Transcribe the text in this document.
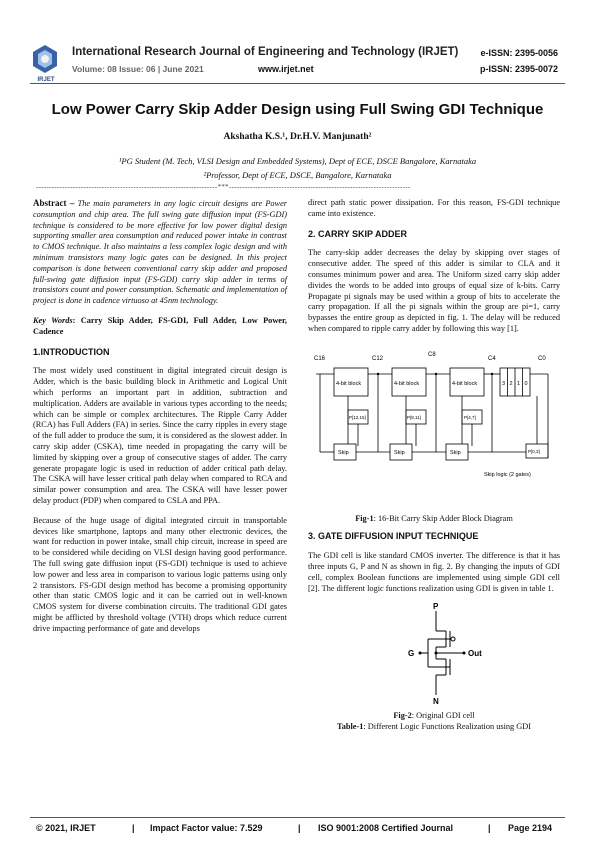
IRJET
International Research Journal of Engineering and Technology (IRJET)
Volume: 08 Issue: 06 | June 2021	www.irjet.net
e-ISSN: 2395-0056
p-ISSN: 2395-0072
Low Power Carry Skip Adder Design using Full Swing GDI Technique
Akshatha K.S.¹, Dr.H.V. Manjunath²
¹PG Student (M. Tech, VLSI Design and Embedded Systems), Dept of ECE, DSCE Bangalore, Karnataka
²Professor, Dept of ECE, DSCE, Bangalore, Karnataka
---------------------------------------------------------------------***---------------------------------------------------------------------

Abstract – The main parameters in any logic circuit designs are Power consumption and chip area. The full swing gate diffusion input (FS-GDI) technique is considered to be more effective for low power digital design supporting smaller area consumption and reduced power intake in contrast to CMOS technique. It also maintains a less complex logic design and with minimum transistors many logic gates can be designed. In this project comparison is done between conventional carry skip adder and proposed full-swing gate diffusion input (FS-GDI) carry skip adder in terms of transistors count and power consumption. Schematic and implementation of project is done in cadence virtuoso at 45nm technology.

Key Words: Carry Skip Adder, FS-GDI, Full Adder, Low Power, Cadence

1.INTRODUCTION

The most widely used constituent in digital integrated circuit design is Adder, which is the basic building block in Arithmetic and Logical Unit which performs an important part in addition, subtraction and multiplication. Adders are available in various types according to the needs; which can be simple or complex architectures. The Ripple Carry Adder (RCA) has Full Adders (FA) in series. Since the carry ripples in every stage of the full adder to produce the sum, it is considered as the slowest adder. In carry skip adder (CSKA), time needed in propagating the carry will be limited by skipping over a group of consecutive stages of adder. The carry generate propagate logic is used in reduction of adder critical path delay. The CSKA will have lesser critical path delay when compared to RCA and similar power consumption and area. The CSKA will have lesser power delay product (PDP) when compared to CSLA and PPA.

Because of the huge usage of digital integrated circuit in transportable devices like smartphone, laptops and many other electronic devices, the want for reduction in power intake, small chip circuit, increase in speed are to be considered while deciding on VLSI design having good performance. The full swing gate diffusion input (FS-GDI) technique is used to achieve low power and less area in comparison to various logic patterns using only 2 transistors. FS-GDI design method has become a promising opportunity other than static CMOS logic and it can be carried out in well-known CMOS system for diverse combination circuits. The traditional GDI gates might be afflicted by threshold voltage (VTH) drops which reduce current drive impacting performance of gate and develops

direct path static power dissipation. For this reason, FS-GDI technique came into existence.

2. CARRY SKIP ADDER

The carry-skip adder decreases the delay by skipping over stages of consecutive adder. The speed of this adder is similar to CLA and it consumes minimum power and area. The Uniform sized carry skip adder divides the words to be added into groups of equal size of k-bits. Carry Propagate pi signals may be used within a group of bits to accelerate the carry propagation. If all the pi signals within the group are pi=1, carry bypasses the entire group as depicted in fig. 1. The delay will be reduced when compared to ripple carry adder by following this way [1].

C16	C12
C8
C4	C0
4-bit block	4-bit block	4-bit block	3 2 1 0
P[12,15]	P[8,11]	P[4,7]
P[0,3]
Skip	Skip	Skip
Skip logic (2 gates)
Fig-1: 16-Bit Carry Skip Adder Block Diagram
3. GATE DIFFUSION INPUT TECHNIQUE

The GDI cell is like standard CMOS inverter. The difference is that it has three inputs G, P and N as shown in fig. 2. By changing the inputs of GDI cell, complex Boolean functions are implemented using simple GDI cell [2]. The different logic functions realization using GDI is given in table 1.

P
G	Out
N
Fig-2: Original GDI cell
Table-1: Different Logic Functions Realization using GDI
© 2021, IRJET	| Impact Factor value: 7.529	| ISO 9001:2008 Certified Journal	| Page 2194
